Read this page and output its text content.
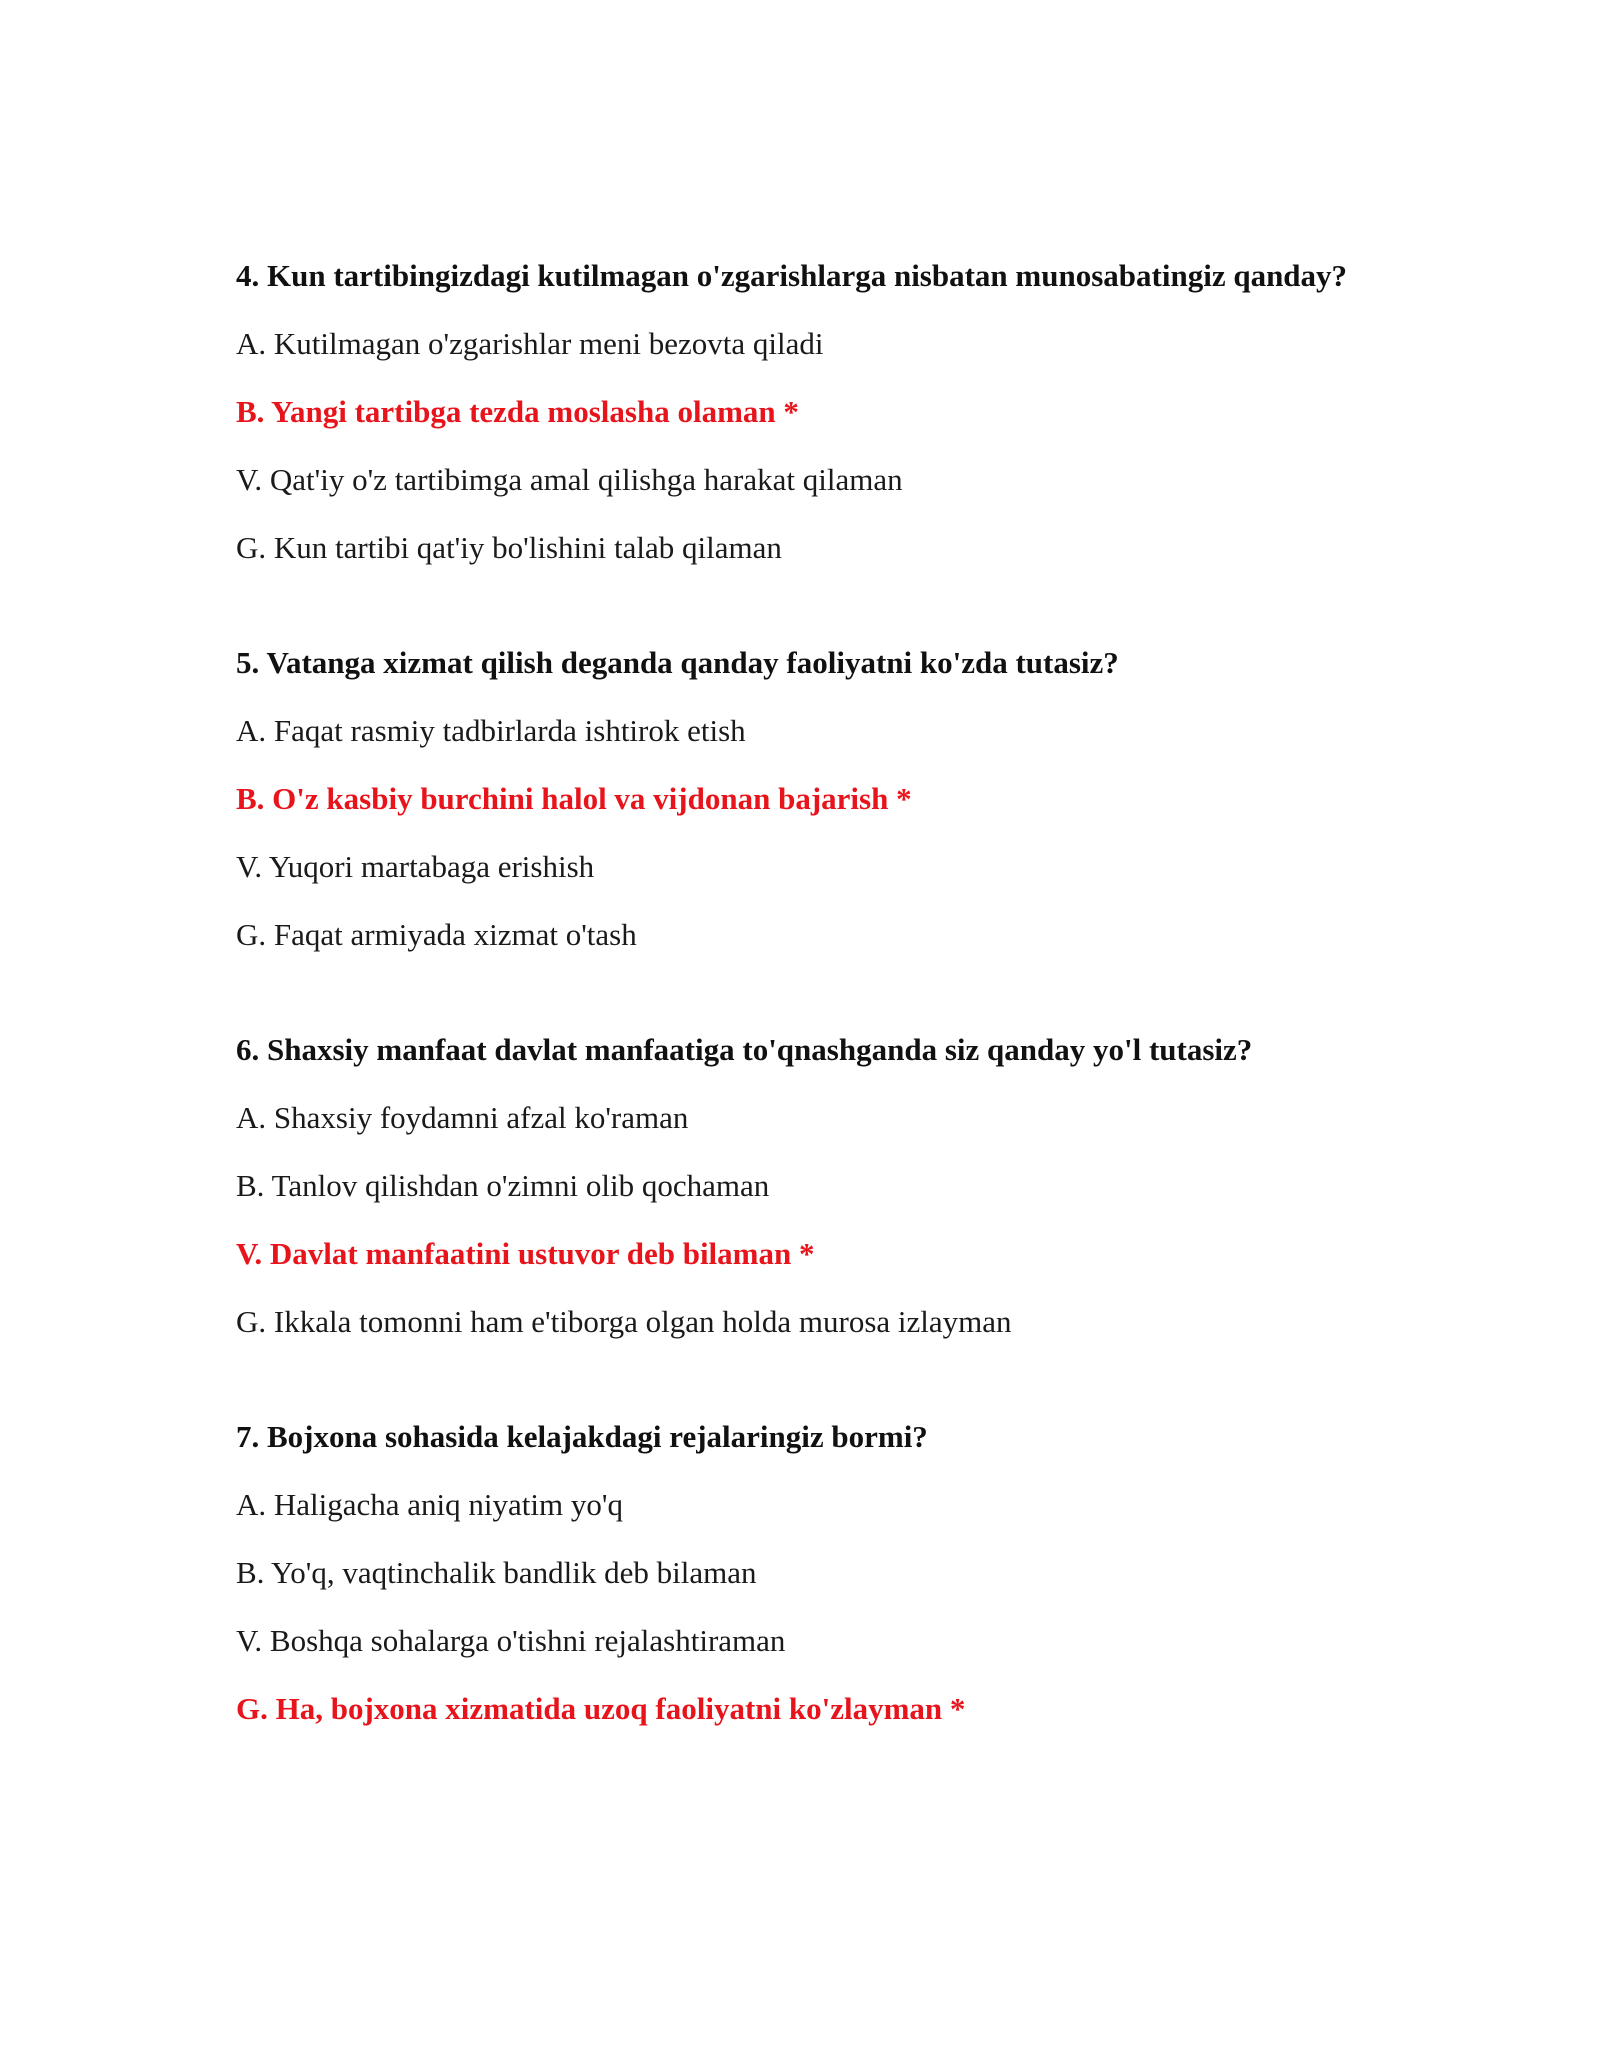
4. Kun tartibingizdagi kutilmagan o'zgarishlarga nisbatan munosabatingiz qanday?
A. Kutilmagan o'zgarishlar meni bezovta qiladi
B. Yangi tartibga tezda moslasha olaman *
V. Qat'iy o'z tartibimga amal qilishga harakat qilaman
G. Kun tartibi qat'iy bo'lishini talab qilaman
5. Vatanga xizmat qilish deganda qanday faoliyatni ko'zda tutasiz?
A. Faqat rasmiy tadbirlarda ishtirok etish
B. O'z kasbiy burchini halol va vijdonan bajarish *
V. Yuqori martabaga erishish
G. Faqat armiyada xizmat o'tash
6. Shaxsiy manfaat davlat manfaatiga to'qnashganda siz qanday yo'l tutasiz?
A. Shaxsiy foydamni afzal ko'raman
B. Tanlov qilishdan o'zimni olib qochaman
V. Davlat manfaatini ustuvor deb bilaman *
G. Ikkala tomonni ham e'tiborga olgan holda murosa izlayman
7. Bojxona sohasida kelajakdagi rejalaringiz bormi?
A. Haligacha aniq niyatim yo'q
B. Yo'q, vaqtinchalik bandlik deb bilaman
V. Boshqa sohalarga o'tishni rejalashtiraman
G. Ha, bojxona xizmatida uzoq faoliyatni ko'zlayman *
